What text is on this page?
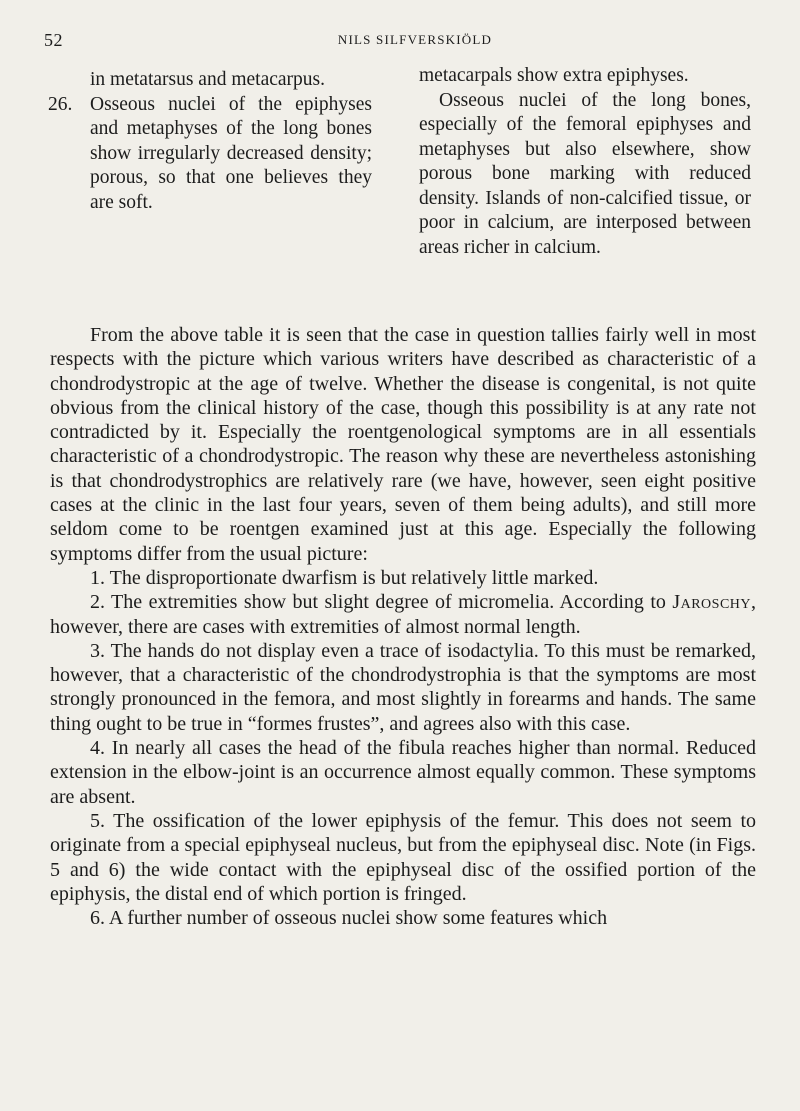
52	NILS SILFVERSKIÖLD
in metatarsus and metacarpus.
26. Osseous nuclei of the epiphyses and metaphyses of the long bones show irregularly decreased density; porous, so that one believes they are soft.

metacarpals show extra epiphyses.

Osseous nuclei of the long bones, especially of the femoral epiphyses and metaphyses but also elsewhere, show porous bone marking with reduced density. Islands of non-calcified tissue, or poor in calcium, are interposed between areas richer in calcium.

From the above table it is seen that the case in question tallies fairly well in most respects with the picture which various writers have described as characteristic of a chondrodystropic at the age of twelve. Whether the disease is congenital, is not quite obvious from the clinical history of the case, though this possibility is at any rate not contradicted by it. Especially the roentgenological symptoms are in all essentials characteristic of a chondrodystropic. The reason why these are nevertheless astonishing is that chondrodystrophics are relatively rare (we have, however, seen eight positive cases at the clinic in the last four years, seven of them being adults), and still more seldom come to be roentgen examined just at this age. Especially the following symptoms differ from the usual picture:

1. The disproportionate dwarfism is but relatively little marked.

2. The extremities show but slight degree of micromelia. According to Jaroschy, however, there are cases with extremities of almost normal length.

3. The hands do not display even a trace of isodactylia. To this must be remarked, however, that a characteristic of the chondrodystrophia is that the symptoms are most strongly pronounced in the femora, and most slightly in forearms and hands. The same thing ought to be true in “formes frustes”, and agrees also with this case.

4. In nearly all cases the head of the fibula reaches higher than normal. Reduced extension in the elbow-joint is an occurrence almost equally common. These symptoms are absent.

5. The ossification of the lower epiphysis of the femur. This does not seem to originate from a special epiphyseal nucleus, but from the epiphyseal disc. Note (in Figs. 5 and 6) the wide contact with the epiphyseal disc of the ossified portion of the epiphysis, the distal end of which portion is fringed.

6. A further number of osseous nuclei show some features which
